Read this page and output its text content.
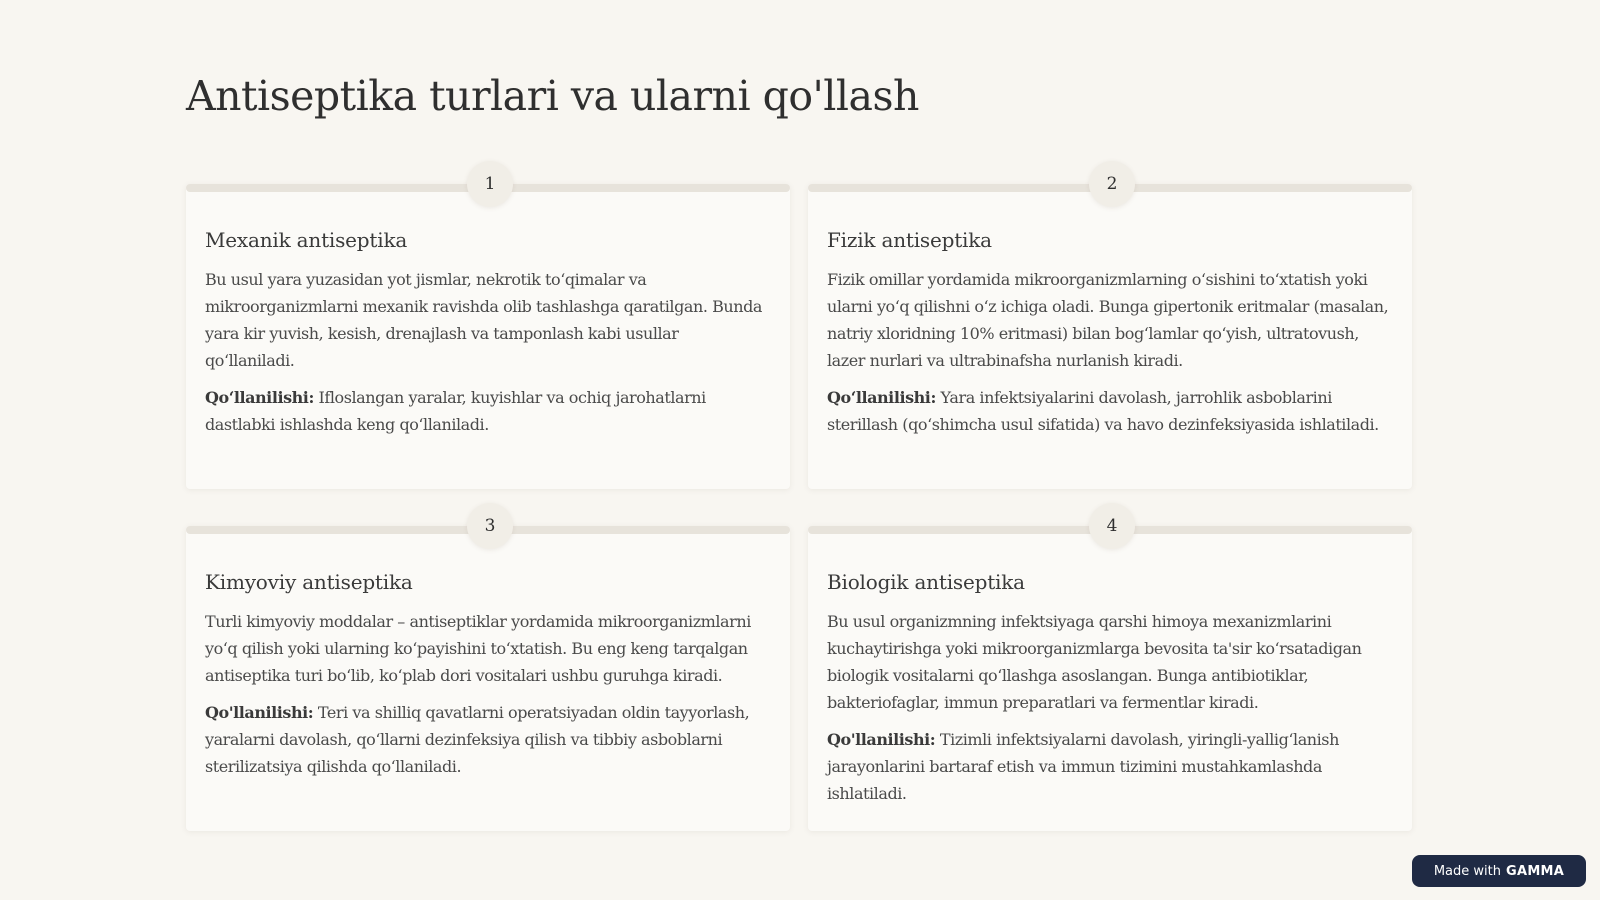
Antiseptika turlari va ularni qo'llash
1
Mexanik antiseptika

Bu usul yara yuzasidan yot jismlar, nekrotik to‘qimalar va mikroorganizmlarni mexanik ravishda olib tashlashga qaratilgan. Bunda yara kir yuvish, kesish, drenajlash va tamponlash kabi usullar qo‘llaniladi.

Qo‘llanilishi: Ifloslangan yaralar, kuyishlar va ochiq jarohatlarni dastlabki ishlashda keng qo‘llaniladi.

2
Fizik antiseptika

Fizik omillar yordamida mikroorganizmlarning o‘sishini to‘xtatish yoki ularni yo‘q qilishni o‘z ichiga oladi. Bunga gipertonik eritmalar (masalan, natriy xloridning 10% eritmasi) bilan bog‘lamlar qo‘yish, ultratovush, lazer nurlari va ultrabinafsha nurlanish kiradi.

Qo‘llanilishi: Yara infektsiyalarini davolash, jarrohlik asboblarini sterillash (qo‘shimcha usul sifatida) va havo dezinfeksiyasida ishlatiladi.

3
Kimyoviy antiseptika

Turli kimyoviy moddalar – antiseptiklar yordamida mikroorganizmlarni yo‘q qilish yoki ularning ko‘payishini to‘xtatish. Bu eng keng tarqalgan antiseptika turi bo‘lib, ko‘plab dori vositalari ushbu guruhga kiradi.

Qo'llanilishi: Teri va shilliq qavatlarni operatsiyadan oldin tayyorlash, yaralarni davolash, qo‘llarni dezinfeksiya qilish va tibbiy asboblarni sterilizatsiya qilishda qo‘llaniladi.

4
Biologik antiseptika

Bu usul organizmning infektsiyaga qarshi himoya mexanizmlarini kuchaytirishga yoki mikroorganizmlarga bevosita ta'sir ko‘rsatadigan biologik vositalarni qo‘llashga asoslangan. Bunga antibiotiklar, bakteriofaglar, immun preparatlari va fermentlar kiradi.

Qo'llanilishi: Tizimli infektsiyalarni davolash, yiringli-yallig‘lanish jarayonlarini bartaraf etish va immun tizimini mustahkamlashda ishlatiladi.

Made with GAMMA
